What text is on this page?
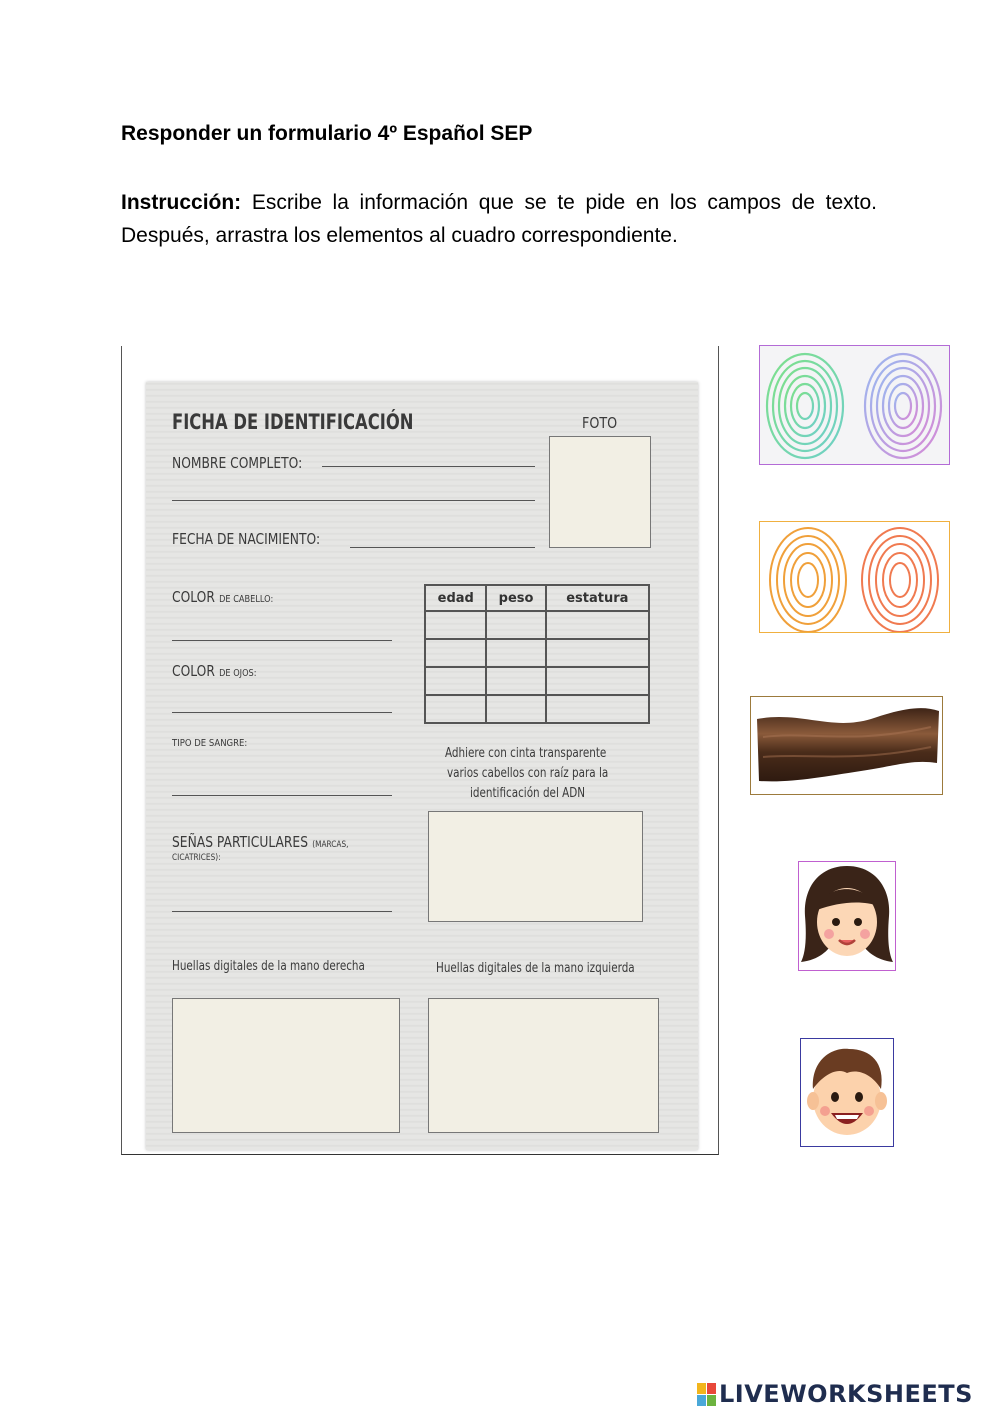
Responder un formulario 4º Español SEP
Instrucción: Escribe la información que se te pide en los campos de texto. Después, arrastra los elementos al cuadro correspondiente.
FICHA DE IDENTIFICACIÓN	FOTO
NOMBRE COMPLETO:
FECHA DE NACIMIENTO:
COLOR DE CABELLO:
COLOR DE OJOS:
TIPO DE SANGRE:
SEÑAS PARTICULARES (MARCAS,
CICATRICES):
edad	peso	estatura

Adhiere con cinta transparente
varios cabellos con raíz para la
identificación del ADN
Huellas digitales de la mano derecha	Huellas digitales de la mano izquierda
LIVEWORKSHEETS
